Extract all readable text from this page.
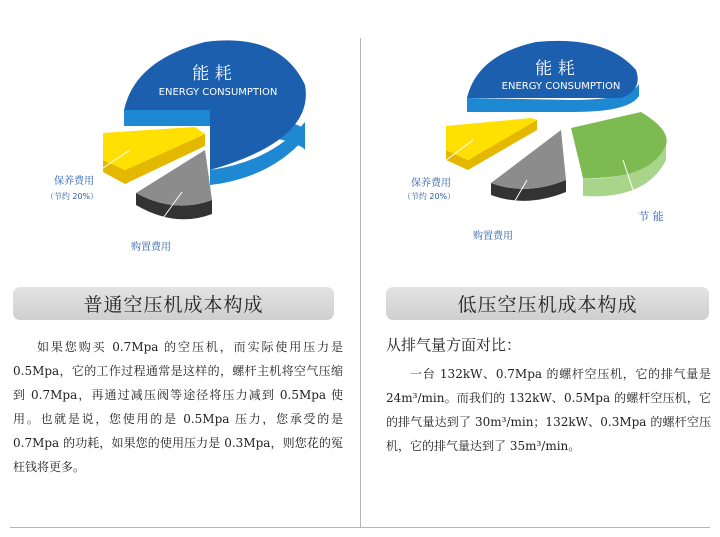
能 耗
ENERGY CONSUMPTION
保养费用
（节约 20%）
购置费用
普通空压机成本构成
如果您购买 0.7Mpa 的空压机，而实际使用压力是0.5Mpa，它的工作过程通常是这样的，螺杆主机将空气压缩到 0.7Mpa，再通过减压阀等途径将压力减到 0.5Mpa 使用。也就是说，您使用的是 0.5Mpa 压力，您承受的是 0.7Mpa 的功耗，如果您的使用压力是 0.3Mpa，则您花的冤枉钱将更多。
能 耗
ENERGY CONSUMPTION
保养费用
（节约 20%）
购置费用
节 能
低压空压机成本构成
从排气量方面对比：
一台 132kW、0.7Mpa 的螺杆空压机，它的排气量是 24m³/min。而我们的 132kW、0.5Mpa 的螺杆空压机，它的排气量达到了 30m³/min；132kW、0.3Mpa 的螺杆空压机，它的排气量达到了 35m³/min。
